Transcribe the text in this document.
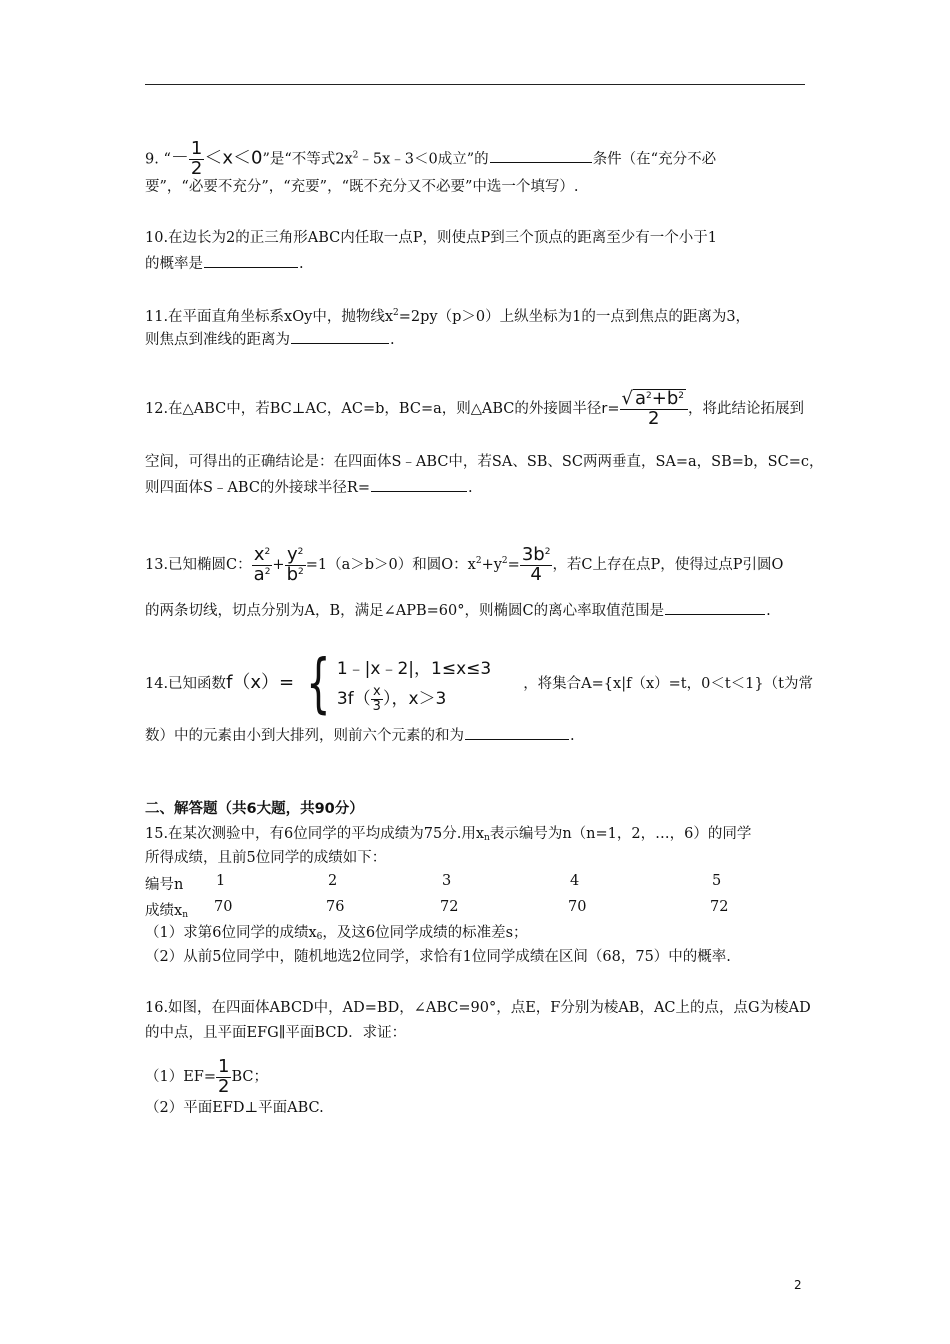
9. “－ $\frac{1}{2} <x<0$”是“不等式$2x^2﹣5x﹣3<0$成立”的	条件（在“充分不必
要”，“必要不充分”，“充要”，“既不充分又不必要”中选一个填写）.
10.在边长为2的正三角形ABC内任取一点P，则使点P到三个顶点的距离至少有一个小于1
的概率是	.
11.在平面直角坐标系xOy中，抛物线$x^2=2py(p>0)$上纵坐标为1的一点到焦点的距离为3，
则焦点到准线的距离为	.
12.在△ABC中，若BC⊥AC，AC=b，BC=a，则△ABC的外接圆半径$r= \frac{√ a^2+b^2}{2}$ ，将此结论拓展到
空间，可得出的正确结论是：在四面体S﹣ABC中，若SA、SB、SC两两垂直，SA=a，SB=b，SC=c，
则四面体S﹣ABC的外接球半径R=	.
13.已知椭圆C： $\frac{x^2}{a^2} + \frac{y^2}{b^2} =1(a>b>0)$和圆O：$x^2+y^2= \frac{3b^2}{4}$ ，若C上存在点P，使得过点P引圆O
的两条切线，切点分别为A，B，满足∠APB=60°，则椭圆C的离心率取值范围是	.
14.已知函数f（x）= { 1﹣|x﹣2|，1≤x≤3
$3f( \frac{x}{3}$ ），x＞3
，将集合A={x|f（x）=t，0＜t＜1}（t为常
数）中的元素由小到大排列，则前六个元素的和为	.
二、解答题（共6大题，共90分）
15.在某次测验中，有6位同学的平均成绩为75分.用$x_n$表示编号为n（n=1，2，…，6）的同学
所得成绩，且前5位同学的成绩如下：
编号n 1	2	3	4	5
成绩$x_n$ 70	76	72	70	72
（1）求第6位同学的成绩$x_6$，及这6位同学成绩的标准差s；
（2）从前5位同学中，随机地选2位同学，求恰有1位同学成绩在区间（68，75）中的概率.
16.如图，在四面体ABCD中，AD=BD，∠ABC=90°，点E，F分别为棱AB，AC上的点，点G为棱AD
的中点，且平面EFG∥平面BCD．求证：
$(1)EF= \frac{1}{2}$ BC；
（2）平面EFD⊥平面ABC.
2
